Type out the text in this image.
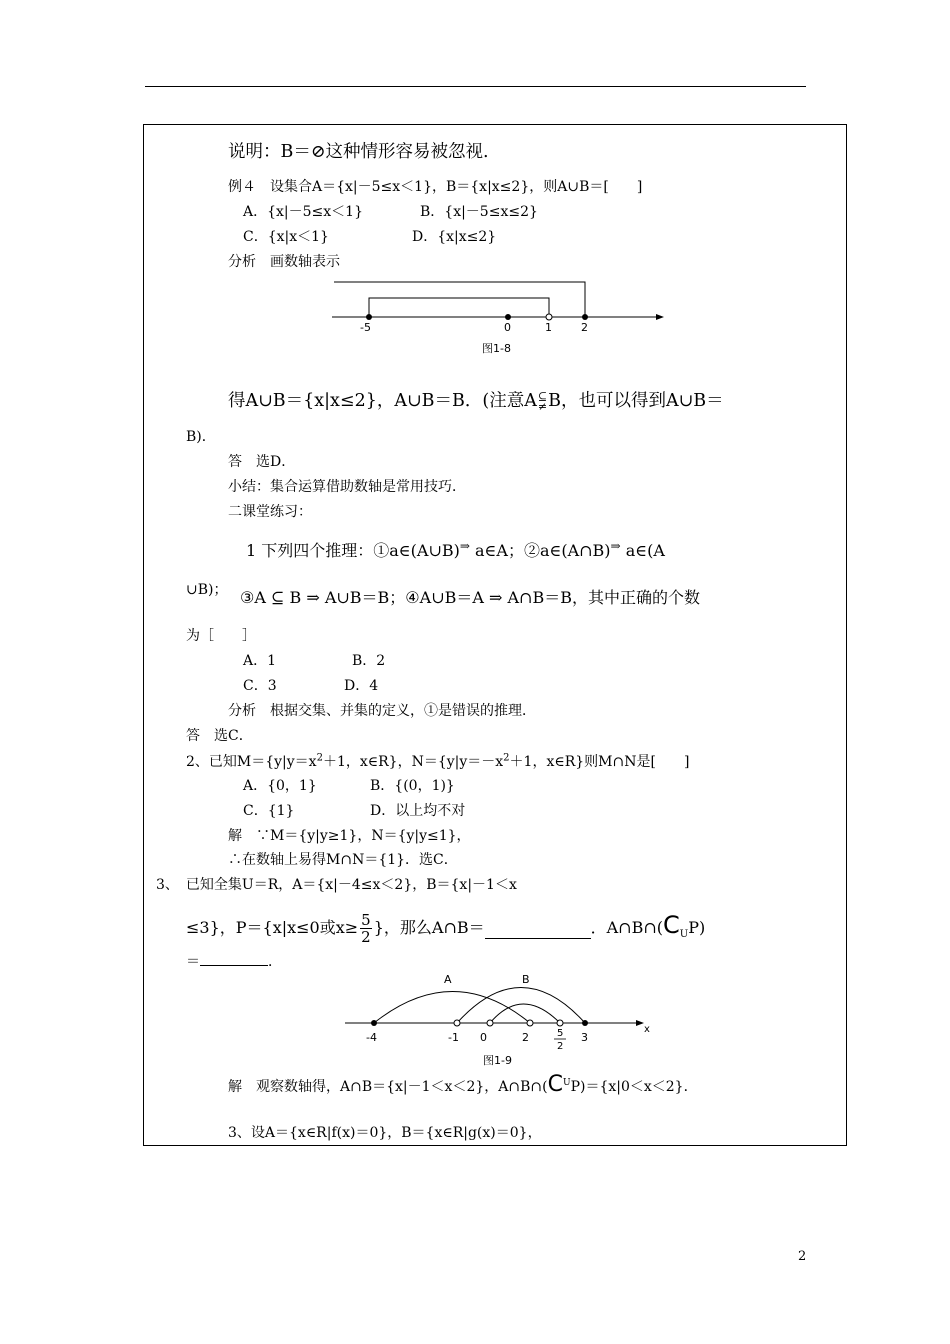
说明：B＝⊘这种情形容易被忽视.
例４　设集合A＝{x|－5≤x＜1}，B＝{x|x≤2}，则A∪B＝[　　]
A．{x|－5≤x＜1}	B．{x|－5≤x≤2}
C．{x|x＜1}	D．{x|x≤2}
分析　画数轴表示
-5	0	1	2
图1-8
得A∪B＝{x|x≤2}，A∪B＝B．(注意A ⊆
≠ B，也可以得到A∪B＝
B)．
答　选D．
小结：集合运算借助数轴是常用技巧．
二课堂练习：
1 下列四个推理：①a∈(A∪B)⇒ a∈A；②a∈(A∩B)⇒ a∈(A
∪B)； ③A ⊆ B ⇒ A∪B＝B；④A∪B＝A ⇒ A∩B＝B，其中正确的个数
为［　　］
A．1	B．2
C．3	D．4
分析　根据交集、并集的定义，①是错误的推理．
答　选C．
2、已知$M=\{y|y=x^2+1$，x∈R}，$N=\{y|y=-x^2+1$，x∈R}则M∩N是[　　]
A．{0，1}	B．{(0，1)}
C．{1}	D．以上均不对
解　∵M＝{y|y≥1}，N＝{y|y≤1}，
∴在数轴上易得M∩N＝{1}．选C．
3、　已知全集U＝R，A＝{x|－4≤x＜2}，B＝{x|－1＜x
≤3}，P＝{x|x≤0或$x\ge \frac{5}{2}$ }，那么A∩B＝	．$A\cap B\cap(C_UP)$
＝	．
A	B
x
-4	-1 0	2	5
2
3
图1-9
解　观察数轴得，A∩B＝{x|－1＜x＜2}，$A\cap B\cap(C^UP)=\{x|0<x<2\}$．
3、设A＝{x∈R|f(x)＝0}，B＝{x∈R|g(x)＝0}，
2
